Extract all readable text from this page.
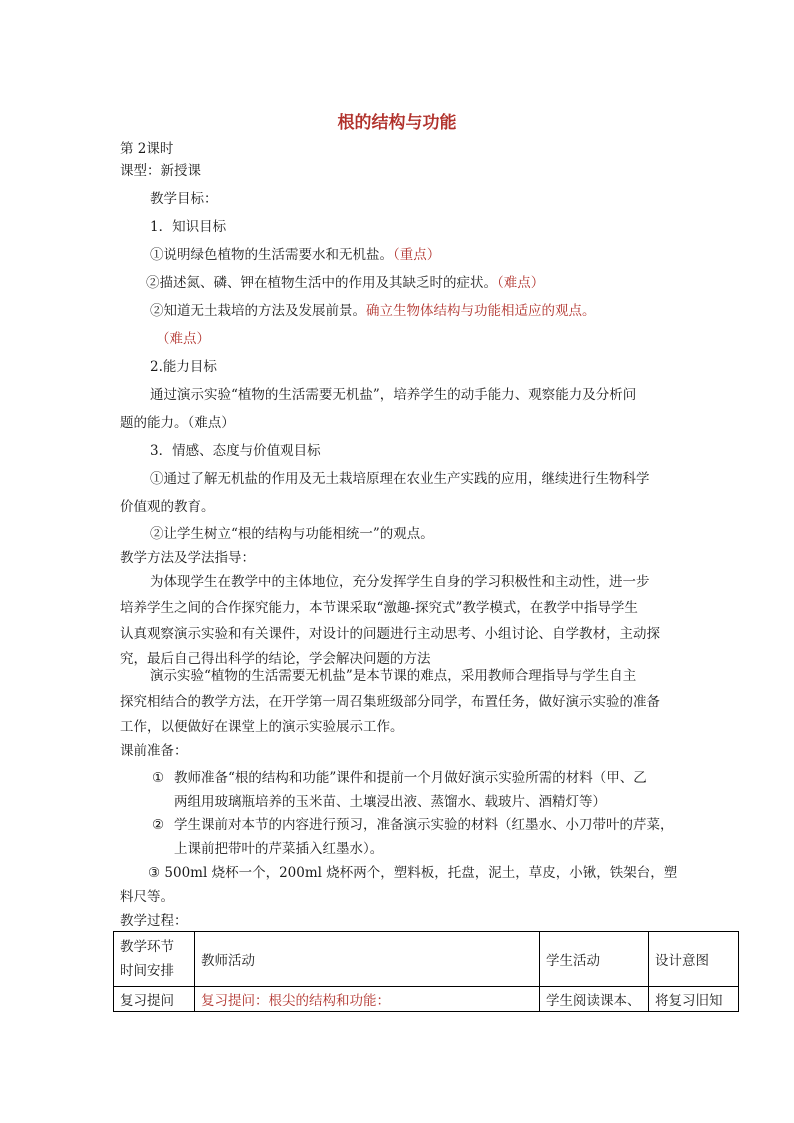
根的结构与功能
第 2课时
课型：新授课
教学目标：
1．知识目标
①说明绿色植物的生活需要水和无机盐。（重点）
②描述氮、磷、钾在植物生活中的作用及其缺乏时的症状。（难点）
②知道无土栽培的方法及发展前景。确立生物体结构与功能相适应的观点。
（难点）
2.能力目标
通过演示实验“植物的生活需要无机盐”，培养学生的动手能力、观察能力及分析问
题的能力。（难点）
3．情感、态度与价值观目标
①通过了解无机盐的作用及无土栽培原理在农业生产实践的应用，继续进行生物科学
价值观的教育。
②让学生树立“根的结构与功能相统一”的观点。
教学方法及学法指导：
为体现学生在教学中的主体地位，充分发挥学生自身的学习积极性和主动性，进一步
培养学生之间的合作探究能力，本节课采取“激趣-探究式”教学模式，在教学中指导学生
认真观察演示实验和有关课件，对设计的问题进行主动思考、小组讨论、自学教材，主动探
究，最后自己得出科学的结论，学会解决问题的方法
演示实验“植物的生活需要无机盐”是本节课的难点，采用教师合理指导与学生自主
探究相结合的教学方法，在开学第一周召集班级部分同学，布置任务，做好演示实验的准备
工作，以便做好在课堂上的演示实验展示工作。
课前准备：
① 教师准备“根的结构和功能”课件和提前一个月做好演示实验所需的材料（甲、乙
两组用玻璃瓶培养的玉米苗、土壤浸出液、蒸馏水、载玻片、酒精灯等）
② 学生课前对本节的内容进行预习，准备演示实验的材料（红墨水、小刀带叶的芹菜，
上课前把带叶的芹菜插入红墨水）。
③ 500ml 烧杯一个，200ml 烧杯两个，塑料板，托盘，泥土，草皮，小锹，铁架台，塑
料尺等。
教学过程：
教学环节
时间安排	教师活动	学生活动	设计意图
复习提问	复习提问：根尖的结构和功能：	学生阅读课本、	将复习旧知
